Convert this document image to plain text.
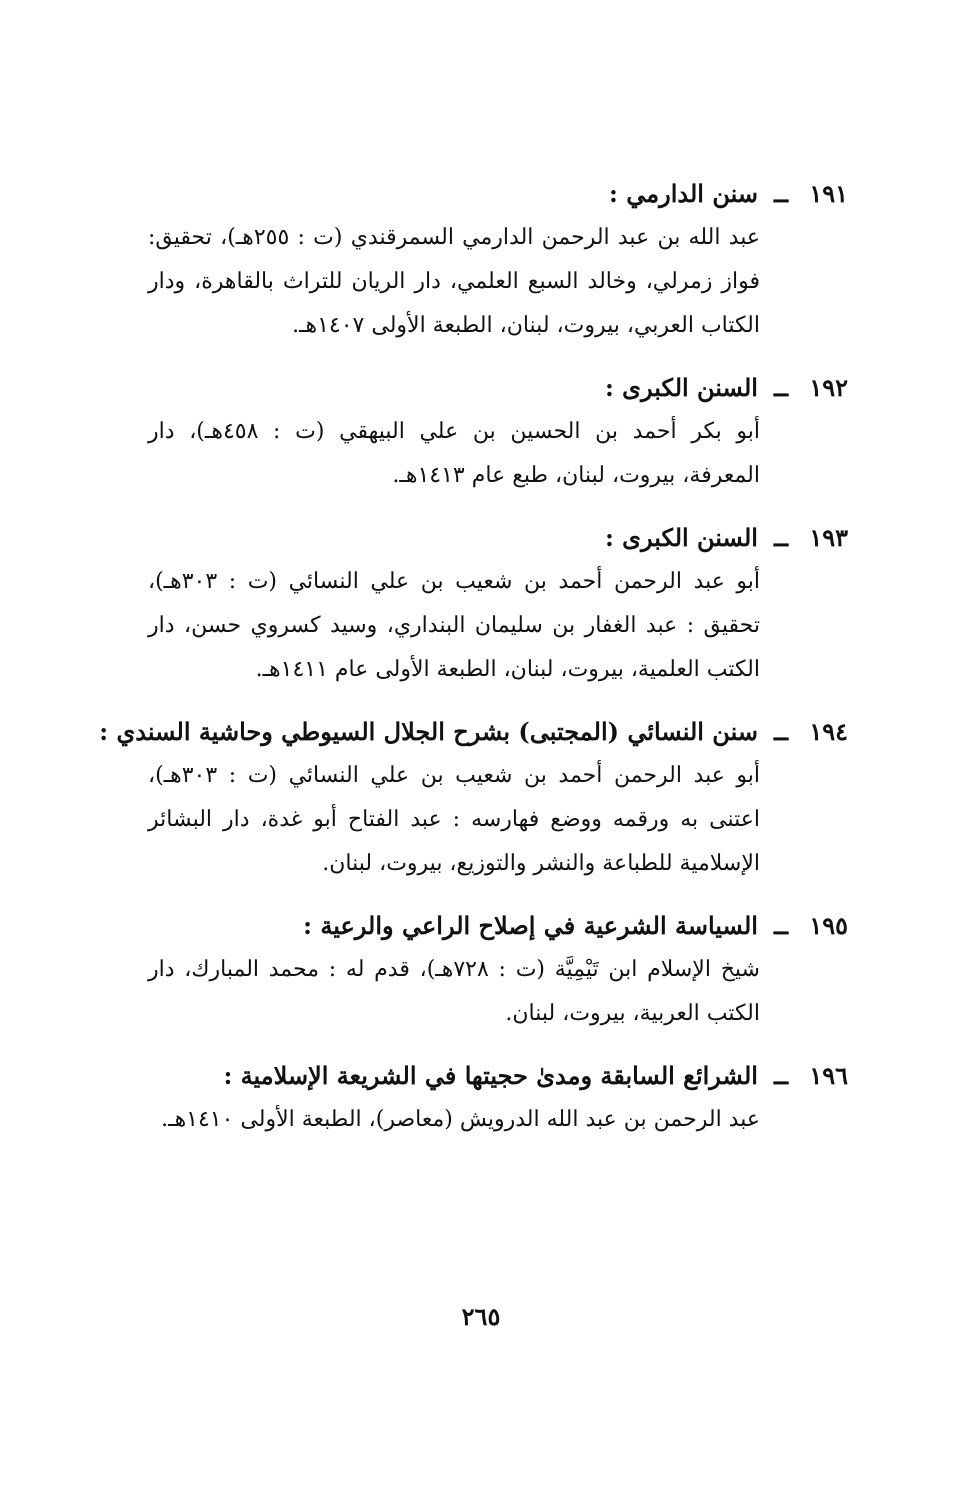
١٩١
ــ
سنن الدارمي :
عبد الله بن عبد الرحمن الدارمي السمرقندي (ت : ٢٥٥هـ)، تحقيق: فواز زمرلي، وخالد السبع العلمي، دار الريان للتراث بالقاهرة، ودار الكتاب العربي، بيروت، لبنان، الطبعة الأولى ١٤٠٧هـ.
١٩٢
ــ
السنن الكبرى :
أبو بكر أحمد بن الحسين بن علي البيهقي (ت : ٤٥٨هـ)، دار المعرفة، بيروت، لبنان، طبع عام ١٤١٣هـ.
١٩٣
ــ
السنن الكبرى :
أبو عبد الرحمن أحمد بن شعيب بن علي النسائي (ت : ٣٠٣هـ)، تحقيق : عبد الغفار بن سليمان البنداري، وسيد كسروي حسن، دار الكتب العلمية، بيروت، لبنان، الطبعة الأولى عام ١٤١١هـ.
١٩٤
ــ
سنن النسائي (المجتبى) بشرح الجلال السيوطي وحاشية السندي :
أبو عبد الرحمن أحمد بن شعيب بن علي النسائي (ت : ٣٠٣هـ)، اعتنى به ورقمه ووضع فهارسه : عبد الفتاح أبو غدة، دار البشائر الإسلامية للطباعة والنشر والتوزيع، بيروت، لبنان.
١٩٥
ــ
السياسة الشرعية في إصلاح الراعي والرعية :
شيخ الإسلام ابن تَيْمِيَّة (ت : ٧٢٨هـ)، قدم له : محمد المبارك، دار الكتب العربية، بيروت، لبنان.
١٩٦
ــ
الشرائع السابقة ومدىٰ حجيتها في الشريعة الإسلامية :
عبد الرحمن بن عبد الله الدرويش (معاصر)، الطبعة الأولى ١٤١٠هـ.
٢٦٥
